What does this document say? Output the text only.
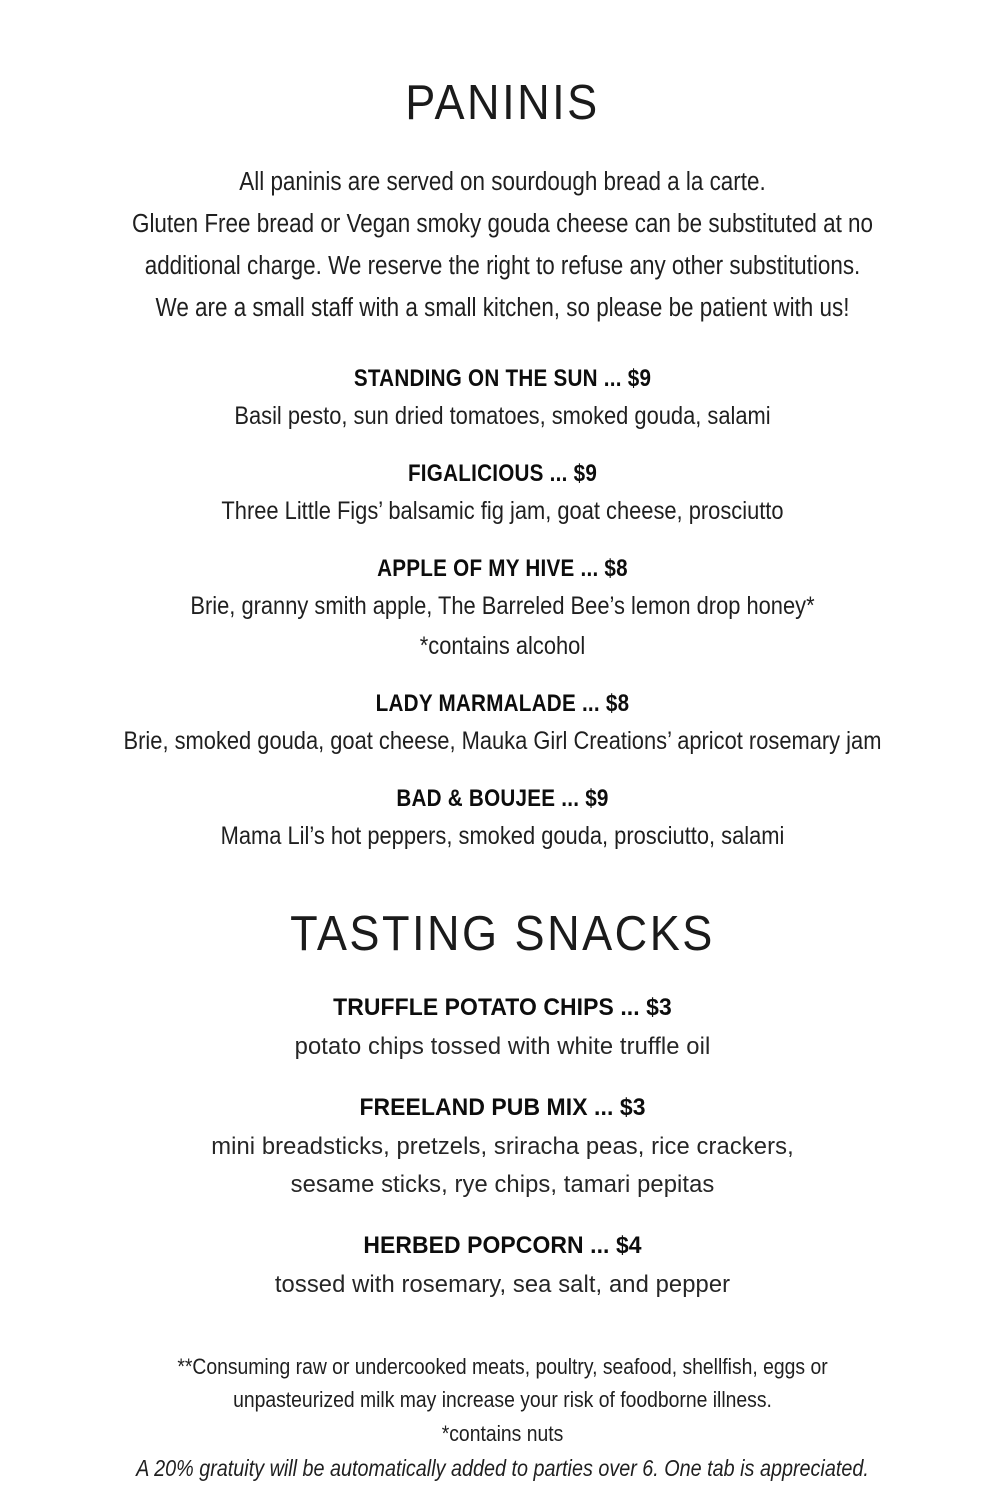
PANINIS
All paninis are served on sourdough bread a la carte.
Gluten Free bread or Vegan smoky gouda cheese can be substituted at no
additional charge. We reserve the right to refuse any other substitutions.
We are a small staff with a small kitchen, so please be patient with us!
STANDING ON THE SUN ... $9
Basil pesto, sun dried tomatoes, smoked gouda, salami
FIGALICIOUS ... $9
Three Little Figs’ balsamic fig jam, goat cheese, prosciutto
APPLE OF MY HIVE ... $8
Brie, granny smith apple, The Barreled Bee’s lemon drop honey*
*contains alcohol
LADY MARMALADE ... $8
Brie, smoked gouda, goat cheese, Mauka Girl Creations’ apricot rosemary jam
BAD & BOUJEE ... $9
Mama Lil’s hot peppers, smoked gouda, prosciutto, salami
TASTING SNACKS
TRUFFLE POTATO CHIPS ... $3
potato chips tossed with white truffle oil
FREELAND PUB MIX ... $3
mini breadsticks, pretzels, sriracha peas, rice crackers,
sesame sticks, rye chips, tamari pepitas
HERBED POPCORN ... $4
tossed with rosemary, sea salt, and pepper
**Consuming raw or undercooked meats, poultry, seafood, shellfish, eggs or
unpasteurized milk may increase your risk of foodborne illness.
*contains nuts
A 20% gratuity will be automatically added to parties over 6. One tab is appreciated.
